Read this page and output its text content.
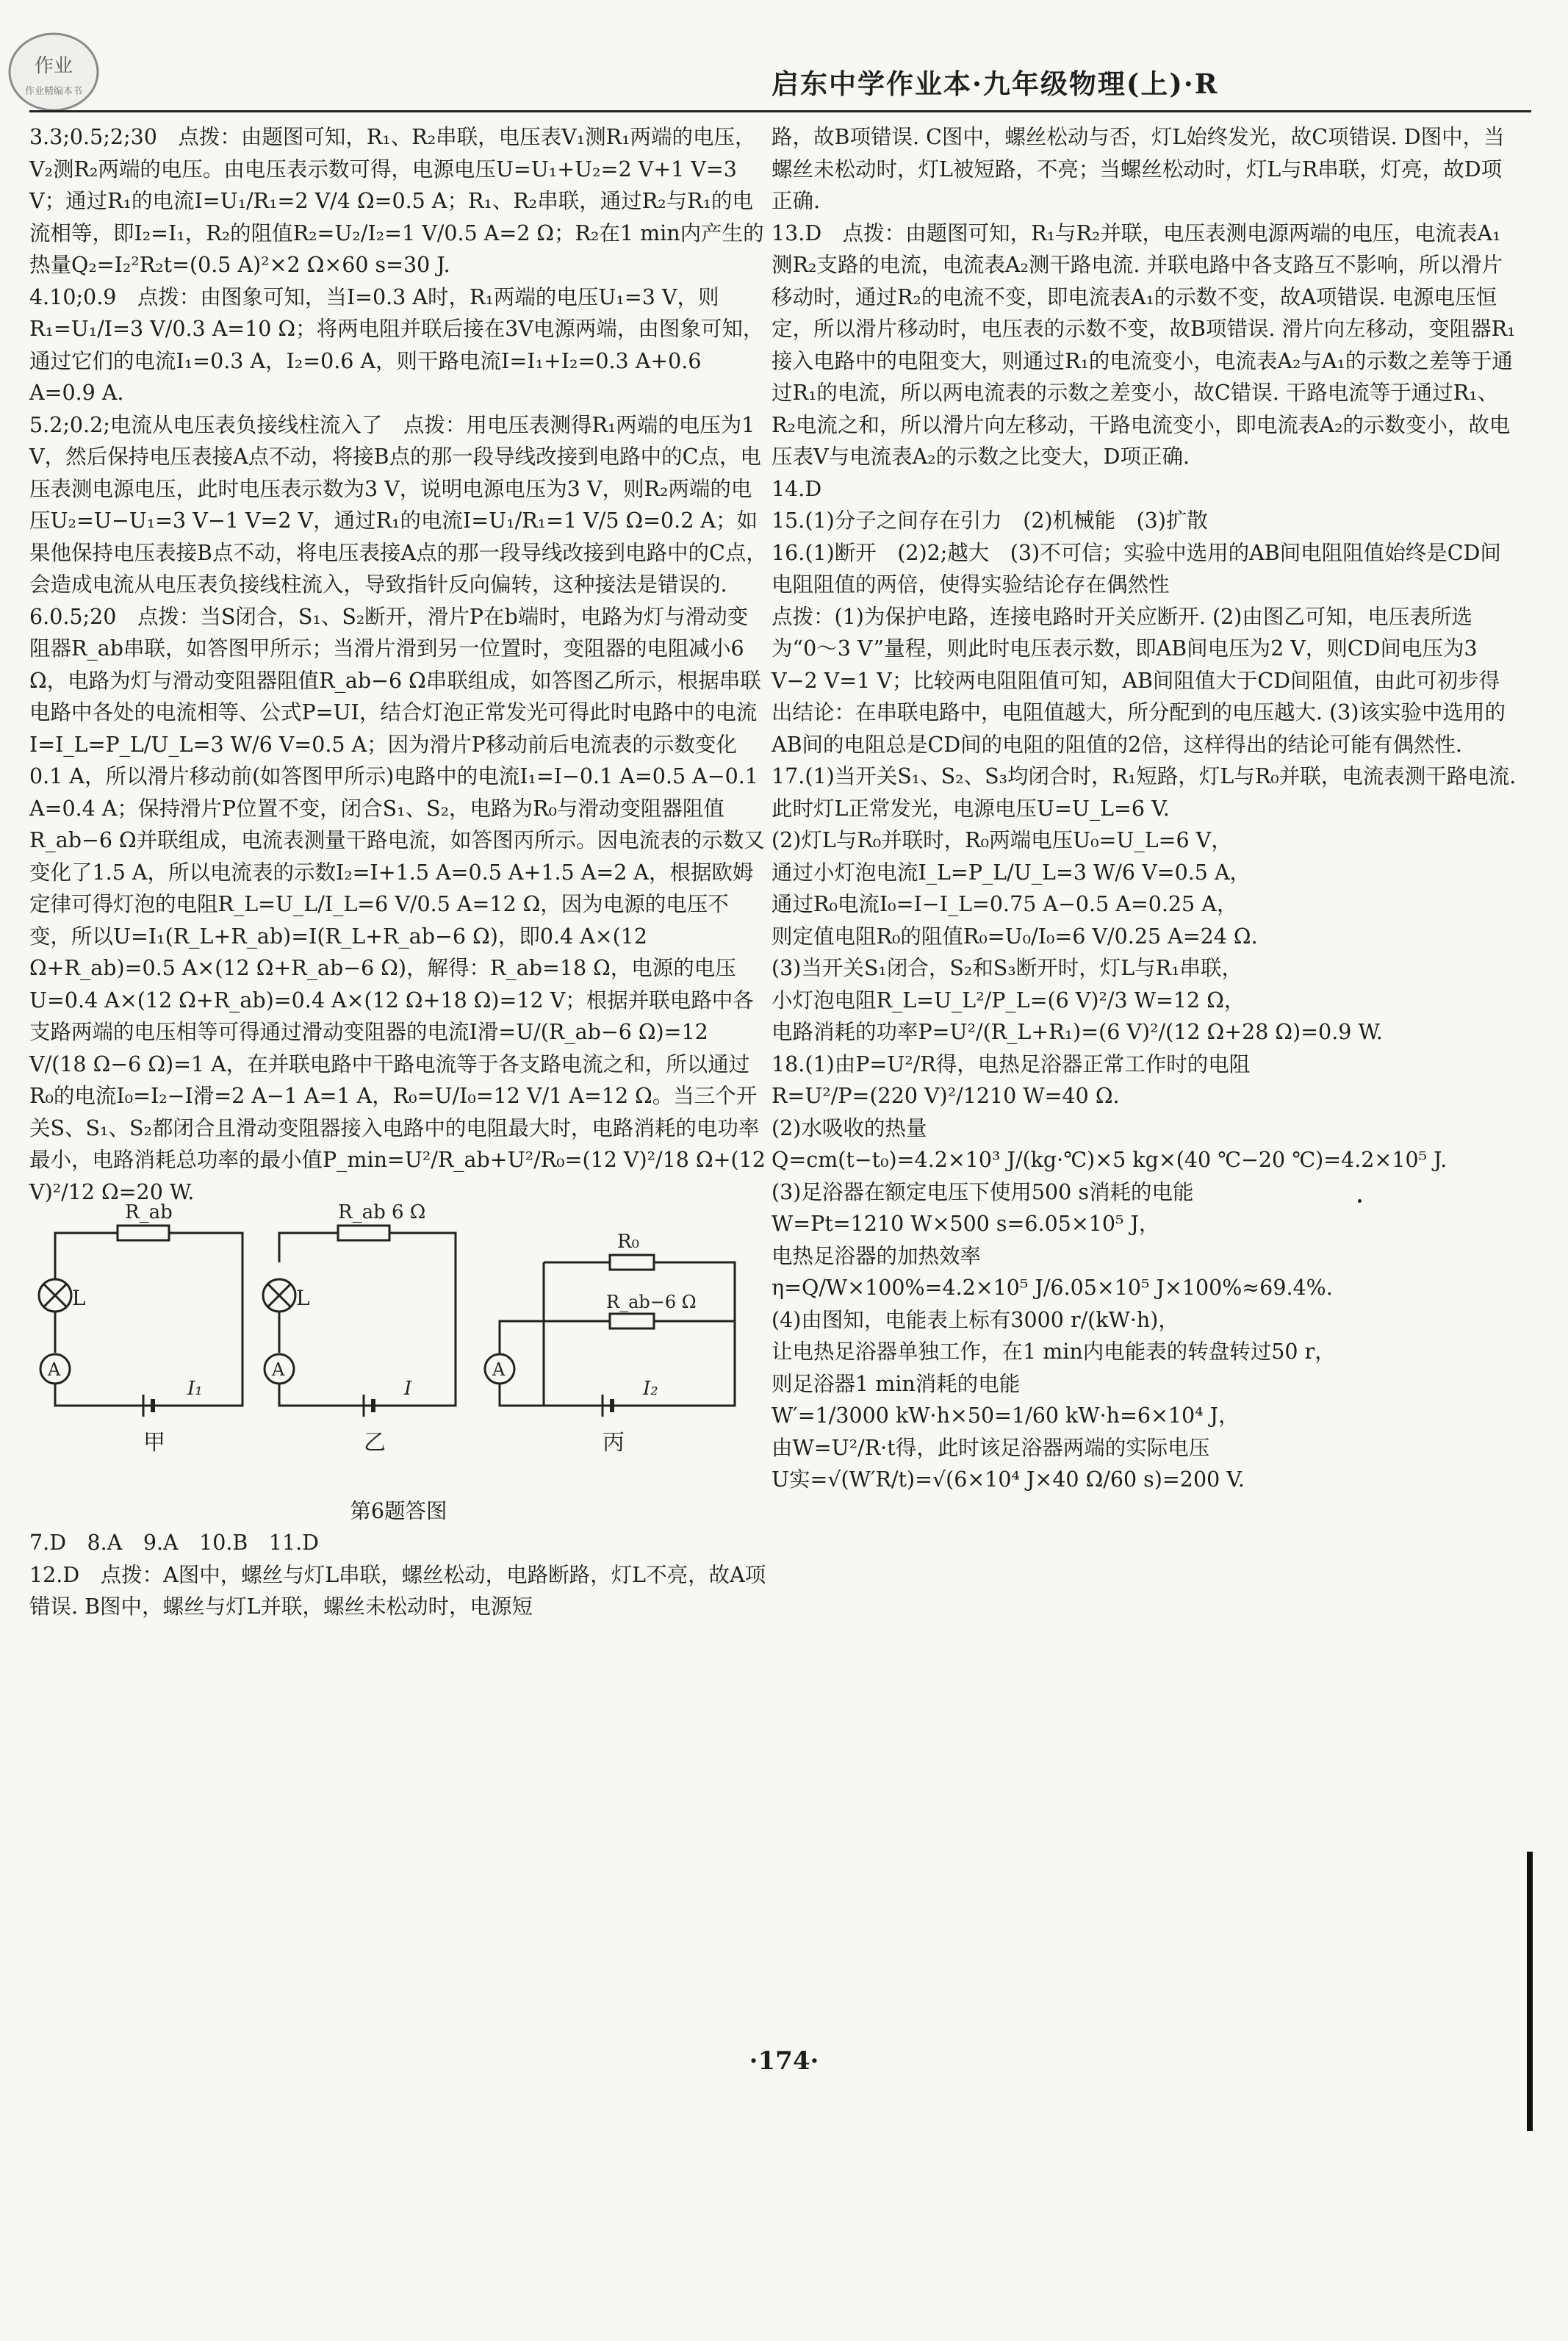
作业
作业精编本书	启东中学作业本·九年级物理(上)·R

3.3;0.5;2;30　点拨：由题图可知，R₁、R₂串联，电压表V₁测R₁两端的电压，V₂测R₂两端的电压。由电压表示数可得，电源电压U=U₁+U₂=2 V+1 V=3 V；通过R₁的电流I=U₁/R₁=2 V/4 Ω=0.5 A；R₁、R₂串联，通过R₂与R₁的电流相等，即I₂=I₁，R₂的阻值R₂=U₂/I₂=1 V/0.5 A=2 Ω；R₂在1 min内产生的热量Q₂=I₂²R₂t=(0.5 A)²×2 Ω×60 s=30 J.

4.10;0.9　点拨：由图象可知，当I=0.3 A时，R₁两端的电压U₁=3 V，则R₁=U₁/I=3 V/0.3 A=10 Ω；将两电阻并联后接在3V电源两端，由图象可知，通过它们的电流I₁=0.3 A，I₂=0.6 A，则干路电流I=I₁+I₂=0.3 A+0.6 A=0.9 A.

5.2;0.2;电流从电压表负接线柱流入了　点拨：用电压表测得R₁两端的电压为1 V，然后保持电压表接A点不动，将接B点的那一段导线改接到电路中的C点，电压表测电源电压，此时电压表示数为3 V，说明电源电压为3 V，则R₂两端的电压U₂=U−U₁=3 V−1 V=2 V，通过R₁的电流I=U₁/R₁=1 V/5 Ω=0.2 A；如果他保持电压表接B点不动，将电压表接A点的那一段导线改接到电路中的C点，会造成电流从电压表负接线柱流入，导致指针反向偏转，这种接法是错误的.

6.0.5;20　点拨：当S闭合，S₁、S₂断开，滑片P在b端时，电路为灯与滑动变阻器R_ab串联，如答图甲所示；当滑片滑到另一位置时，变阻器的电阻减小6 Ω，电路为灯与滑动变阻器阻值R_ab−6 Ω串联组成，如答图乙所示，根据串联电路中各处的电流相等、公式P=UI，结合灯泡正常发光可得此时电路中的电流I=I_L=P_L/U_L=3 W/6 V=0.5 A；因为滑片P移动前后电流表的示数变化0.1 A，所以滑片移动前(如答图甲所示)电路中的电流I₁=I−0.1 A=0.5 A−0.1 A=0.4 A；保持滑片P位置不变，闭合S₁、S₂，电路为R₀与滑动变阻器阻值R_ab−6 Ω并联组成，电流表测量干路电流，如答图丙所示。因电流表的示数又变化了1.5 A，所以电流表的示数I₂=I+1.5 A=0.5 A+1.5 A=2 A，根据欧姆定律可得灯泡的电阻R_L=U_L/I_L=6 V/0.5 A=12 Ω，因为电源的电压不变，所以U=I₁(R_L+R_ab)=I(R_L+R_ab−6 Ω)，即0.4 A×(12 Ω+R_ab)=0.5 A×(12 Ω+R_ab−6 Ω)，解得：R_ab=18 Ω，电源的电压U=0.4 A×(12 Ω+R_ab)=0.4 A×(12 Ω+18 Ω)=12 V；根据并联电路中各支路两端的电压相等可得通过滑动变阻器的电流I滑=U/(R_ab−6 Ω)=12 V/(18 Ω−6 Ω)=1 A，在并联电路中干路电流等于各支路电流之和，所以通过R₀的电流I₀=I₂−I滑=2 A−1 A=1 A，R₀=U/I₀=12 V/1 A=12 Ω。当三个开关S、S₁、S₂都闭合且滑动变阻器接入电路中的电阻最大时，电路消耗的电功率最小，电路消耗总功率的最小值P_min=U²/R_ab+U²/R₀=(12 V)²/18 Ω+(12 V)²/12 Ω=20 W.

R_ab
L
A
I₁
甲
R_ab 6 Ω
L
A
I
乙
R₀
R_ab−6 Ω
A
I₂
丙
第6题答图

7.D　8.A　9.A　10.B　11.D

12.D　点拨：A图中，螺丝与灯L串联，螺丝松动，电路断路，灯L不亮，故A项错误. B图中，螺丝与灯L并联，螺丝未松动时，电源短

路，故B项错误. C图中，螺丝松动与否，灯L始终发光，故C项错误. D图中，当螺丝未松动时，灯L被短路，不亮；当螺丝松动时，灯L与R串联，灯亮，故D项正确.

13.D　点拨：由题图可知，R₁与R₂并联，电压表测电源两端的电压，电流表A₁测R₂支路的电流，电流表A₂测干路电流. 并联电路中各支路互不影响，所以滑片移动时，通过R₂的电流不变，即电流表A₁的示数不变，故A项错误. 电源电压恒定，所以滑片移动时，电压表的示数不变，故B项错误. 滑片向左移动，变阻器R₁接入电路中的电阻变大，则通过R₁的电流变小，电流表A₂与A₁的示数之差等于通过R₁的电流，所以两电流表的示数之差变小，故C错误. 干路电流等于通过R₁、R₂电流之和，所以滑片向左移动，干路电流变小，即电流表A₂的示数变小，故电压表V与电流表A₂的示数之比变大，D项正确.

14.D

15.(1)分子之间存在引力　(2)机械能　(3)扩散

16.(1)断开　(2)2;越大　(3)不可信；实验中选用的AB间电阻阻值始终是CD间电阻阻值的两倍，使得实验结论存在偶然性

点拨：(1)为保护电路，连接电路时开关应断开. (2)由图乙可知，电压表所选为“0～3 V”量程，则此时电压表示数，即AB间电压为2 V，则CD间电压为3 V−2 V=1 V；比较两电阻阻值可知，AB间阻值大于CD间阻值，由此可初步得出结论：在串联电路中，电阻值越大，所分配到的电压越大. (3)该实验中选用的AB间的电阻总是CD间的电阻的阻值的2倍，这样得出的结论可能有偶然性.

17.(1)当开关S₁、S₂、S₃均闭合时，R₁短路，灯L与R₀并联，电流表测干路电流.

此时灯L正常发光，电源电压U=U_L=6 V.

(2)灯L与R₀并联时，R₀两端电压U₀=U_L=6 V，

通过小灯泡电流I_L=P_L/U_L=3 W/6 V=0.5 A，

通过R₀电流I₀=I−I_L=0.75 A−0.5 A=0.25 A，

则定值电阻R₀的阻值R₀=U₀/I₀=6 V/0.25 A=24 Ω.

(3)当开关S₁闭合，S₂和S₃断开时，灯L与R₁串联，

小灯泡电阻R_L=U_L²/P_L=(6 V)²/3 W=12 Ω，

电路消耗的功率P=U²/(R_L+R₁)=(6 V)²/(12 Ω+28 Ω)=0.9 W.

18.(1)由P=U²/R得，电热足浴器正常工作时的电阻

R=U²/P=(220 V)²/1210 W=40 Ω.

(2)水吸收的热量

Q=cm(t−t₀)=4.2×10³ J/(kg·℃)×5 kg×(40 ℃−20 ℃)=4.2×10⁵ J.

(3)足浴器在额定电压下使用500 s消耗的电能

W=Pt=1210 W×500 s=6.05×10⁵ J，

电热足浴器的加热效率

η=Q/W×100%=4.2×10⁵ J/6.05×10⁵ J×100%≈69.4%.

(4)由图知，电能表上标有3000 r/(kW·h)，

让电热足浴器单独工作，在1 min内电能表的转盘转过50 r，

则足浴器1 min消耗的电能

W′=1/3000 kW·h×50=1/60 kW·h=6×10⁴ J，

由W=U²/R·t得，此时该足浴器两端的实际电压

U实=√(W′R/t)=√(6×10⁴ J×40 Ω/60 s)=200 V.

·174·
